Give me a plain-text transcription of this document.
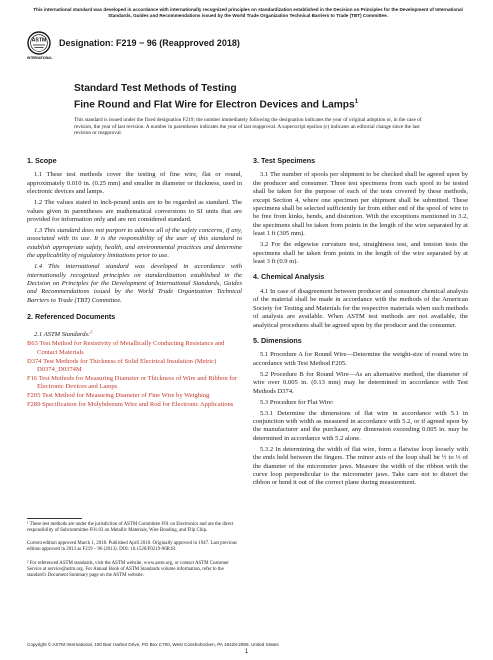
This international standard was developed in accordance with internationally recognized principles on standardization established in the Decision on Principles for the Development of International Standards, Guides and Recommendations issued by the World Trade Organization Technical Barriers to Trade (TBT) Committee.
ASTM
INTERNATIONAL
Designation: F219 − 96 (Reapproved 2018)
Standard Test Methods of Testing
Fine Round and Flat Wire for Electron Devices and Lamps$^1$
This standard is issued under the fixed designation F219; the number immediately following the designation indicates the year of original adoption or, in the case of revision, the year of last revision. A number in parentheses indicates the year of last reapproval. A superscript epsilon (ε) indicates an editorial change since the last revision or reapproval.
1. Scope
1.1 These test methods cover the testing of fine wire, flat or round, approximately 0.010 in. (0.25 mm) and smaller in diameter or thickness, used in electronic devices and lamps.
1.2 The values stated in inch-pound units are to be regarded as standard. The values given in parentheses are mathematical conversions to SI units that are provided for information only and are not considered standard.
1.3 This standard does not purport to address all of the safety concerns, if any, associated with its use. It is the responsibility of the user of this standard to establish appropriate safety, health, and environmental practices and determine the applicability of regulatory limitations prior to use.
1.4 This international standard was developed in accordance with internationally recognized principles on standardization established in the Decision on Principles for the Development of International Standards, Guides and Recommendations issued by the World Trade Organization Technical Barriers to Trade (TBT) Committee.
2. Referenced Documents
2.1 ASTM Standards:$^2$
B63 Test Method for Resistivity of Metallically Conducting Resistance and Contact Materials
D374 Test Methods for Thickness of Solid Electrical Insulation (Metric) D0374_D0374M
F16 Test Methods for Measuring Diameter or Thickness of Wire and Ribbon for Electronic Devices and Lamps
F205 Test Method for Measuring Diameter of Fine Wire by Weighing
F289 Specification for Molybdenum Wire and Rod for Electronic Applications
3. Test Specimens
3.1 The number of spools per shipment to be checked shall be agreed upon by the producer and consumer. Three test specimens from each spool to be tested shall be taken for the purpose of each of the tests covered by these methods, except Section 4, where one specimen per shipment shall be submitted. These specimens shall be selected sufficiently far from either end of the spool of wire to be free from kinks, bends, and distortion. With the exceptions mentioned in 3.2, the specimens shall be taken from points in the length of the wire separated by at least 1 ft (305 mm).
3.2 For the edgewise curvature test, straightness test, and tension tests the specimens shall be taken from points in the length of the wire separated by at least 3 ft (0.9 m).
4. Chemical Analysis
4.1 In case of disagreement between producer and consumer chemical analysis of the material shall be made in accordance with the methods of the American Society for Testing and Materials for the respective materials when such methods of analysis are available. When ASTM test methods are not available, the analytical procedures shall be agreed upon by the producer and the consumer.
5. Dimensions
5.1 Procedure A for Round Wire—Determine the weight-size of round wire in accordance with Test Method F205.
5.2 Procedure B for Round Wire—As an alternative method, the diameter of wire over 0.005 in. (0.13 mm) may be determined in accordance with Test Methods D374.
5.3 Procedure for Flat Wire:
5.3.1 Determine the dimensions of flat wire in accordance with 5.1 in conjunction with width as measured in accordance with 5.2, or if agreed upon by the manufacturer and the purchaser, any dimension exceeding 0.005 in. may be determined in accordance with 5.2 alone.
5.3.2 In determining the width of flat wire, form a flatwise loop loosely with the ends held between the fingers. The minor axis of the loop shall be ½ to ⅓ of the diameter of the micrometer jaws. Measure the width of the ribbon with the curve loop perpendicular to the micrometer jaws. Take care not to distort the ribbon or bend it out of the correct plane during measurement.
¹ These test methods are under the jurisdiction of ASTM Committee F01 on Electronics and are the direct responsibility of Subcommittee F01.03 on Metallic Materials, Wire Bonding, and Flip Chip.
Current edition approved March 1, 2018. Published April 2018. Originally approved in 1947. Last previous edition approved in 2013 as F219 – 96 (2013). DOI: 10.1520/F0219-96R18.
² For referenced ASTM standards, visit the ASTM website, www.astm.org, or contact ASTM Customer Service at service@astm.org. For Annual Book of ASTM Standards volume information, refer to the standard's Document Summary page on the ASTM website.
Copyright © ASTM International, 100 Barr Harbor Drive, PO Box C700, West Conshohocken, PA 19428-2959. United States
1
